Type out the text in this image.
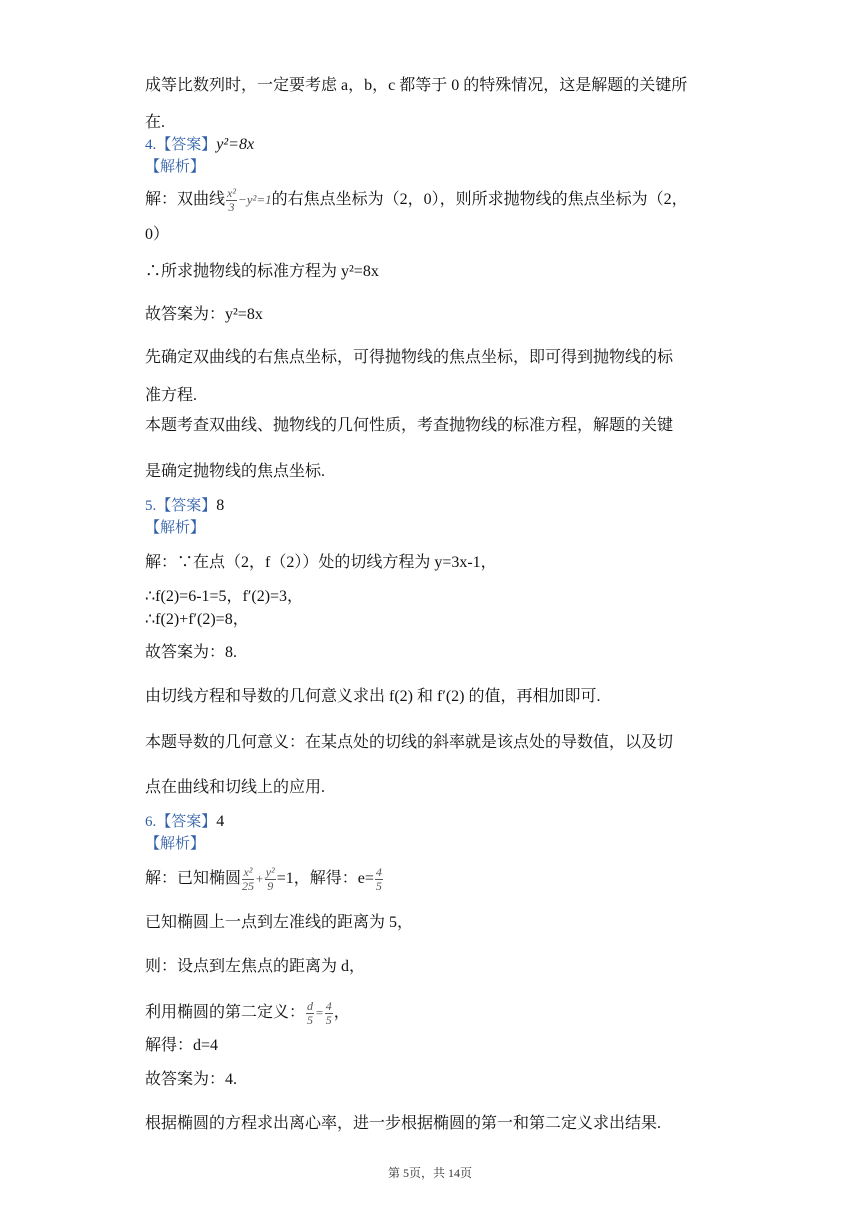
成等比数列时，一定要考虑 a，b，c 都等于 0 的特殊情况，这是解题的关键所
在.
4.【答案】y²=8x
【解析】
解：双曲线 $\frac{\text{x²}}{3} -y^2=1$的右焦点坐标为（2，0），则所求抛物线的焦点坐标为（2，
0）
∴所求抛物线的标准方程为 y²=8x
故答案为：y²=8x
先确定双曲线的右焦点坐标，可得抛物线的焦点坐标，即可得到抛物线的标
准方程.
本题考查双曲线、抛物线的几何性质，考查抛物线的标准方程，解题的关键
是确定抛物线的焦点坐标.
5.【答案】8
【解析】
解：∵在点（2，f（2））处的切线方程为 y=3x-1，
∴f(2)=6-1=5，f′(2)=3，
∴f(2)+f′(2)=8，
故答案为：8.
由切线方程和导数的几何意义求出 f(2) 和 f′(2) 的值，再相加即可.
本题导数的几何意义：在某点处的切线的斜率就是该点处的导数值，以及切
点在曲线和切线上的应用.
6.【答案】4
【解析】
解：已知椭圆 $\frac{\text{x²}}{25} + \frac{\text{y²}}{9} =1$，解得：$e= \frac{4}{5}$
已知椭圆上一点到左准线的距离为 5，
则：设点到左焦点的距离为 d，
利用椭圆的第二定义： $\frac{d}{5} = \frac{4}{5}$ ，
解得：d=4
故答案为：4.
根据椭圆的方程求出离心率，进一步根据椭圆的第一和第二定义求出结果.
第 5页，共 14页
